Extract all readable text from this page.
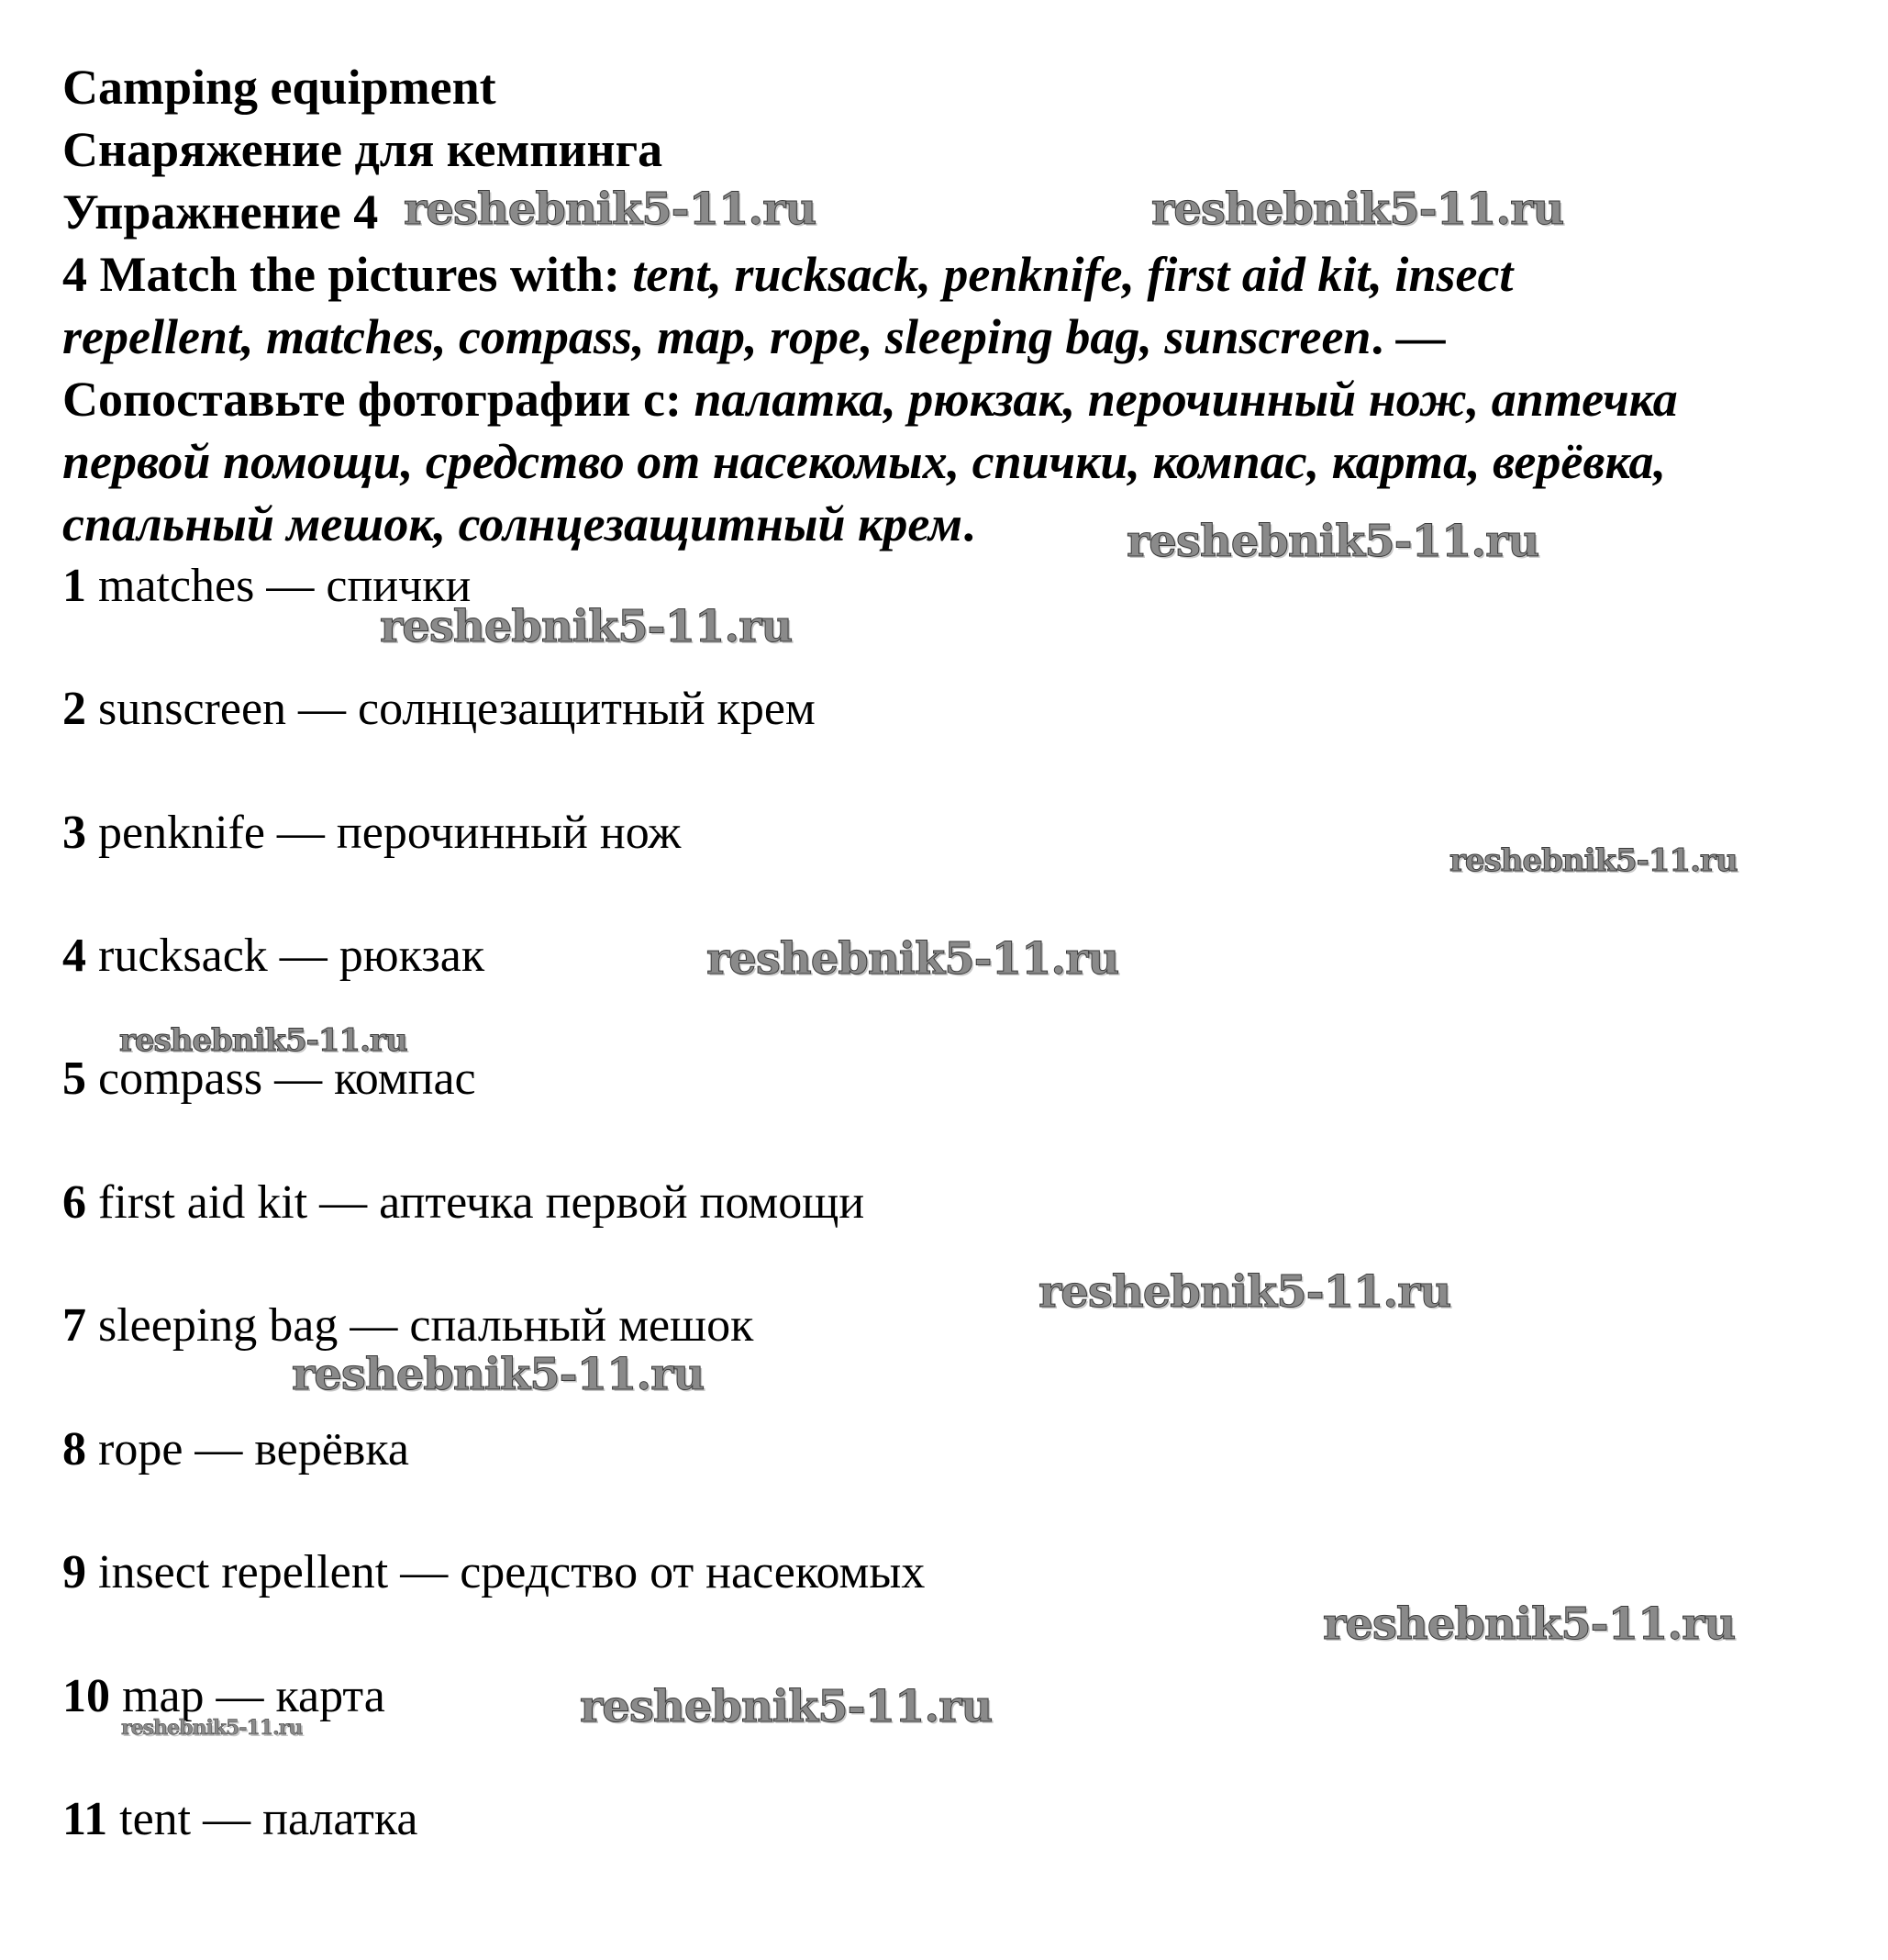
Camping equipment
Снаряжение для кемпинга
Упражнение 4
4 Match the pictures with: tent, rucksack, penknife, first aid kit, insect
repellent, matches, compass, map, rope, sleeping bag, sunscreen. —
Сопоставьте фотографии с: палатка, рюкзак, перочинный нож, аптечка
первой помощи, средство от насекомых, спички, компас, карта, верёвка,
спальный мешок, солнцезащитный крем.
1 matches — спички
2 sunscreen — солнцезащитный крем
3 penknife — перочинный нож
4 rucksack — рюкзак
5 compass — компас
6 first aid kit — аптечка первой помощи
7 sleeping bag — спальный мешок
8 rope — верёвка
9 insect repellent — средство от насекомых
10 map — карта
11 tent — палатка
reshebnik5-11.ru	reshebnik5-11.ru
reshebnik5-11.ru
reshebnik5-11.ru
reshebnik5-11.ru
reshebnik5-11.ru
reshebnik5-11.ru
reshebnik5-11.ru
reshebnik5-11.ru
reshebnik5-11.ru
reshebnik5-11.ru
reshebnik5-11.ru
